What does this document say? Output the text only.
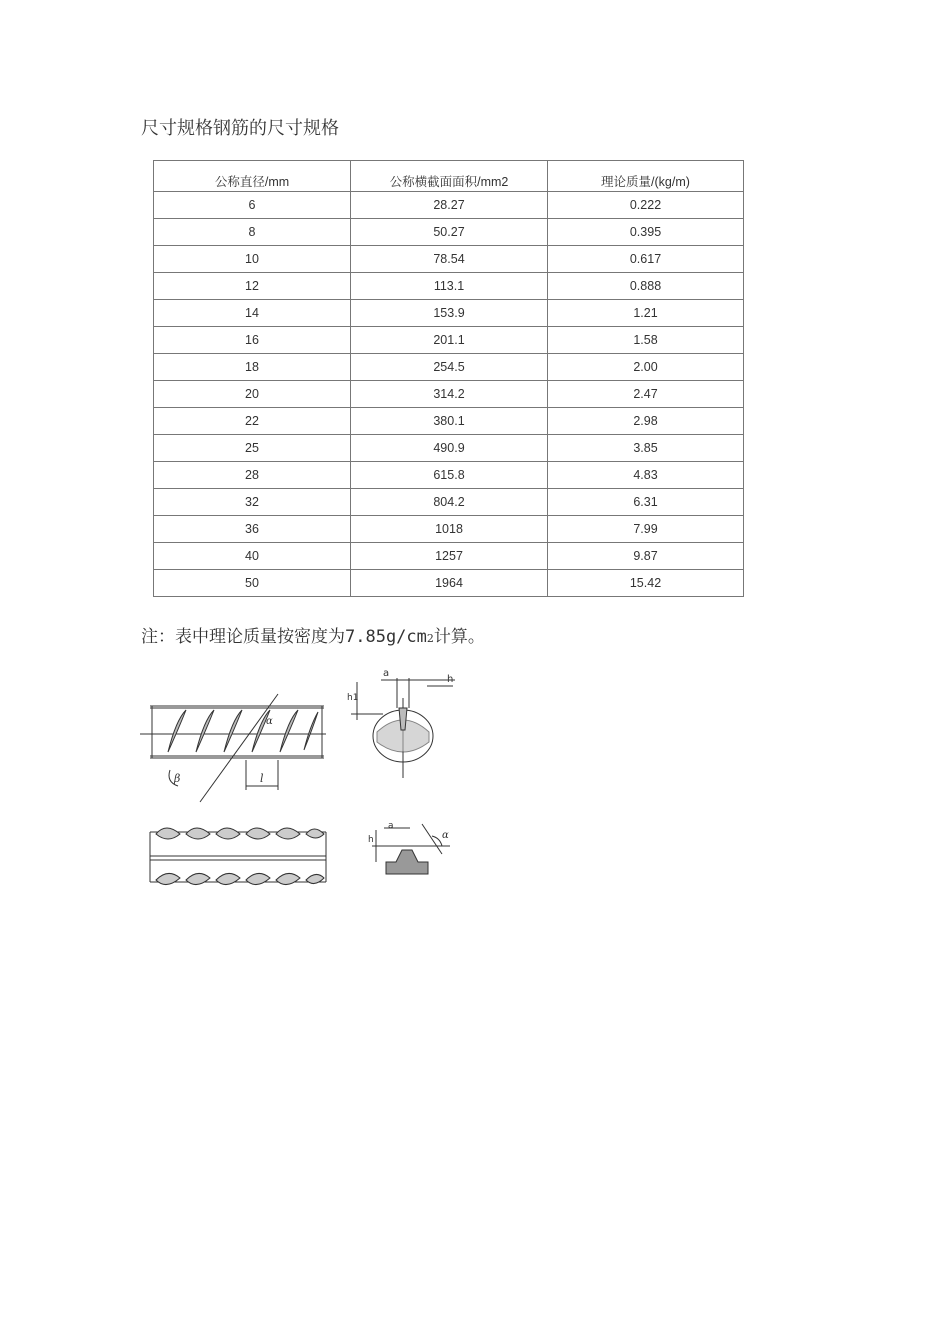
尺寸规格钢筋的尺寸规格
公称直径/mm	公称横截面面积/mm2	理论质量/(kg/m)
6	28.27	0.222
8	50.27	0.395
10	78.54	0.617
12	113.1	0.888
14	153.9	1.21
16	201.1	1.58
18	254.5	2.00
20	314.2	2.47
22	380.1	2.98
25	490.9	3.85
28	615.8	4.83
32	804.2	6.31
36	1018	7.99
40	1257	9.87
50	1964	15.42
注：表中理论质量按密度为7.85g/cm2计算。
β	l
α
a
h
h1
a
h	α
